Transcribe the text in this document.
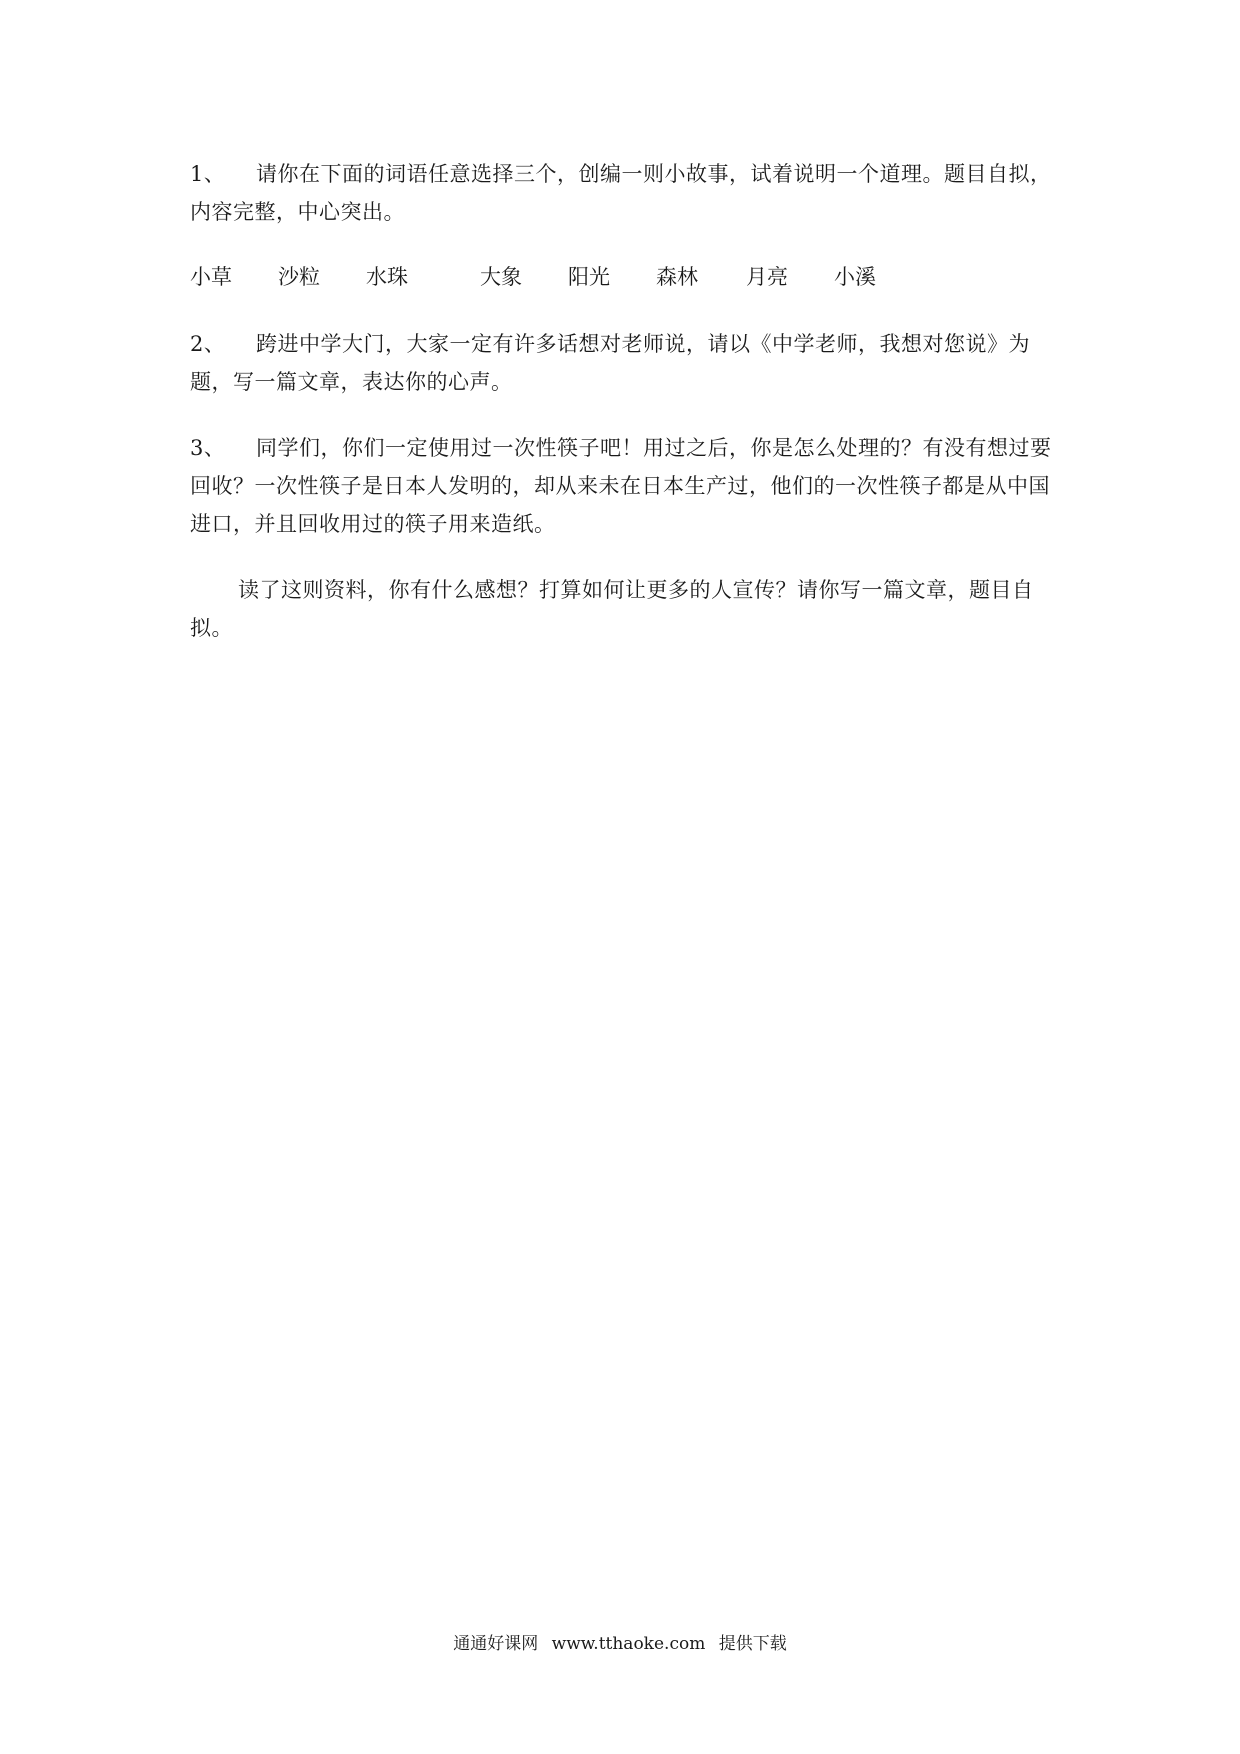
1、 请你在下面的词语任意选择三个，创编一则小故事，试着说明一个道理。题目自拟，内容完整，中心突出。
小草 沙粒 水珠	大象 阳光 森林 月亮 小溪
2、 跨进中学大门，大家一定有许多话想对老师说，请以《中学老师，我想对您说》为题，写一篇文章，表达你的心声。
3、 同学们，你们一定使用过一次性筷子吧！用过之后，你是怎么处理的？有没有想过要回收？一次性筷子是日本人发明的，却从来未在日本生产过，他们的一次性筷子都是从中国进口，并且回收用过的筷子用来造纸。
读了这则资料，你有什么感想？打算如何让更多的人宣传？请你写一篇文章，题目自拟。
通通好课网 www.tthaoke.com 提供下载
